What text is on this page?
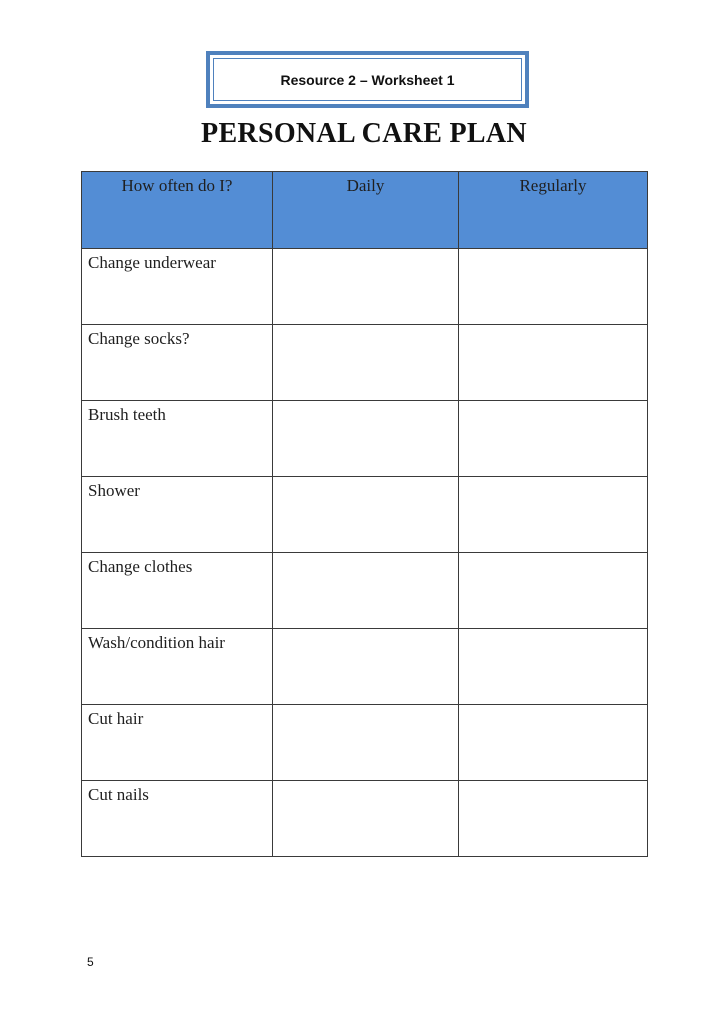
Resource 2 – Worksheet 1
PERSONAL CARE PLAN
How often do I?	Daily	Regularly
Change underwear		
Change socks?		
Brush teeth		
Shower		
Change clothes		
Wash/condition hair		
Cut hair		
Cut nails		
5
